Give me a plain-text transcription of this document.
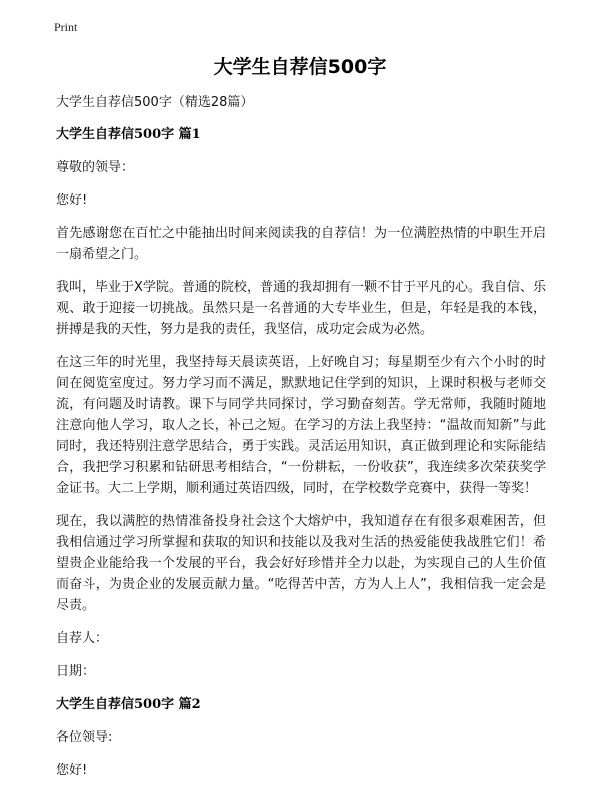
Print
大学生自荐信500字

大学生自荐信500字（精选28篇）

大学生自荐信500字 篇1

尊敬的领导：

您好!

首先感谢您在百忙之中能抽出时间来阅读我的自荐信！为一位满腔热情的中职生开启一扇希望之门。

我叫，毕业于X学院。普通的院校，普通的我却拥有一颗不甘于平凡的心。我自信、乐观、敢于迎接一切挑战。虽然只是一名普通的大专毕业生，但是，年轻是我的本钱，拼搏是我的天性，努力是我的责任，我坚信，成功定会成为必然。

在这三年的时光里，我坚持每天晨读英语，上好晚自习；每星期至少有六个小时的时间在阅览室度过。努力学习而不满足，默默地记住学到的知识，上课时积极与老师交流，有问题及时请教。课下与同学共同探讨，学习勤奋刻苦。学无常师，我随时随地注意向他人学习，取人之长，补己之短。在学习的方法上我坚持：“温故而知新”与此同时，我还特别注意学思结合，勇于实践。灵活运用知识，真正做到理论和实际能结合，我把学习积累和钻研思考相结合，“一份耕耘，一份收获”，我连续多次荣获奖学金证书。大二上学期，顺利通过英语四级，同时，在学校数学竞赛中，获得一等奖！

现在，我以满腔的热情准备投身社会这个大熔炉中，我知道存在有很多艰难困苦，但我相信通过学习所掌握和获取的知识和技能以及我对生活的热爱能使我战胜它们！希望贵企业能给我一个发展的平台，我会好好珍惜并全力以赴，为实现自己的人生价值而奋斗，为贵企业的发展贡献力量。“吃得苦中苦，方为人上人”，我相信我一定会是尽责。

自荐人：

日期：

大学生自荐信500字 篇2

各位领导:

您好!
